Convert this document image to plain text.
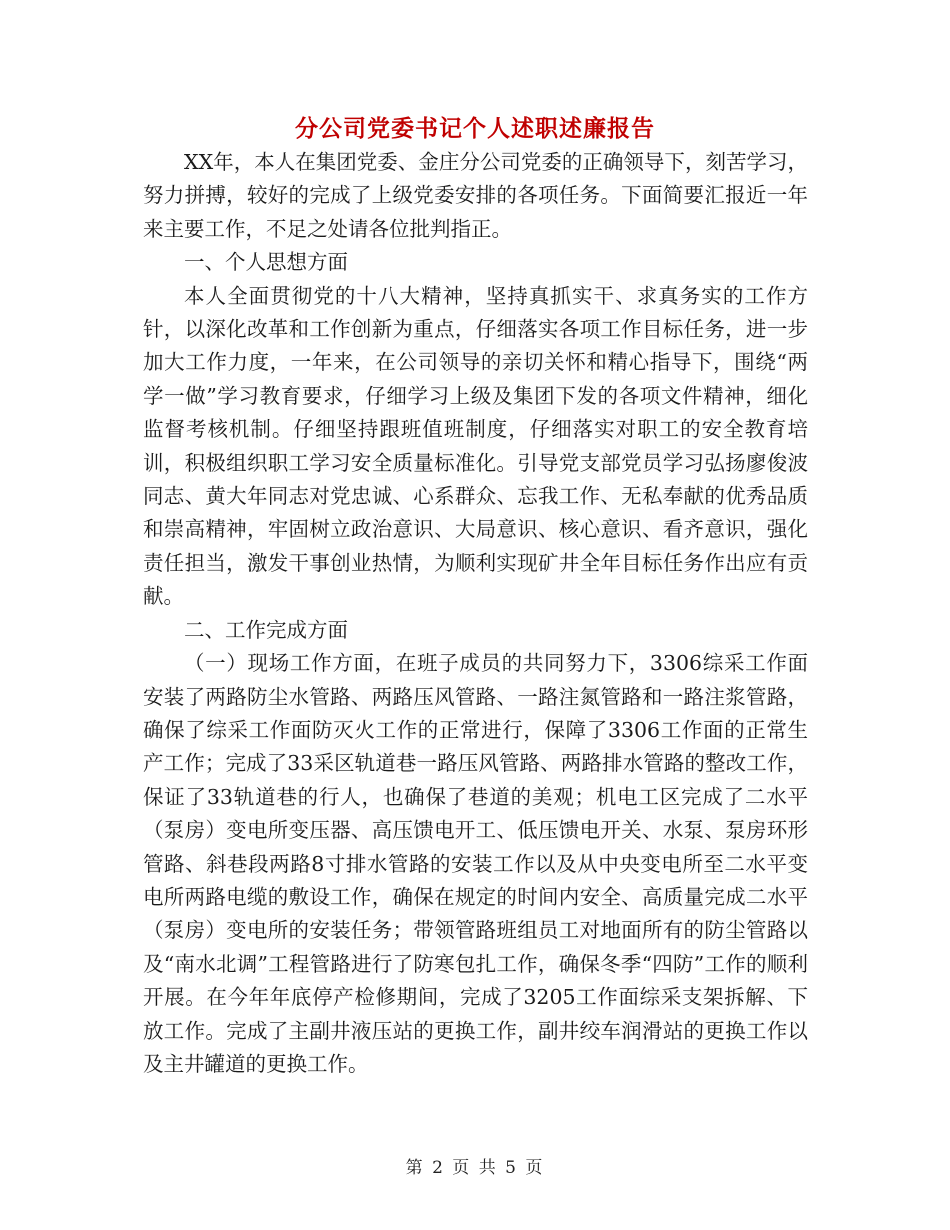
分公司党委书记个人述职述廉报告

XX年，本人在集团党委、金庄分公司党委的正确领导下，刻苦学习，努力拼搏，较好的完成了上级党委安排的各项任务。下面简要汇报近一年来主要工作，不足之处请各位批判指正。

一、个人思想方面

本人全面贯彻党的十八大精神，坚持真抓实干、求真务实的工作方针，以深化改革和工作创新为重点，仔细落实各项工作目标任务，进一步加大工作力度，一年来，在公司领导的亲切关怀和精心指导下，围绕“两学一做”学习教育要求，仔细学习上级及集团下发的各项文件精神，细化监督考核机制。仔细坚持跟班值班制度，仔细落实对职工的安全教育培训，积极组织职工学习安全质量标准化。引导党支部党员学习弘扬廖俊波同志、黄大年同志对党忠诚、心系群众、忘我工作、无私奉献的优秀品质和崇高精神，牢固树立政治意识、大局意识、核心意识、看齐意识，强化责任担当，激发干事创业热情，为顺利实现矿井全年目标任务作出应有贡献。

二、工作完成方面

（一）现场工作方面，在班子成员的共同努力下，3306综采工作面安装了两路防尘水管路、两路压风管路、一路注氮管路和一路注浆管路，确保了综采工作面防灭火工作的正常进行，保障了3306工作面的正常生产工作；完成了33采区轨道巷一路压风管路、两路排水管路的整改工作，保证了33轨道巷的行人，也确保了巷道的美观；机电工区完成了二水平（泵房）变电所变压器、高压馈电开工、低压馈电开关、水泵、泵房环形管路、斜巷段两路8寸排水管路的安装工作以及从中央变电所至二水平变电所两路电缆的敷设工作，确保在规定的时间内安全、高质量完成二水平（泵房）变电所的安装任务；带领管路班组员工对地面所有的防尘管路以及“南水北调”工程管路进行了防寒包扎工作，确保冬季“四防”工作的顺利开展。在今年年底停产检修期间，完成了3205工作面综采支架拆解、下放工作。完成了主副井液压站的更换工作，副井绞车润滑站的更换工作以及主井罐道的更换工作。

第 2 页 共 5 页
